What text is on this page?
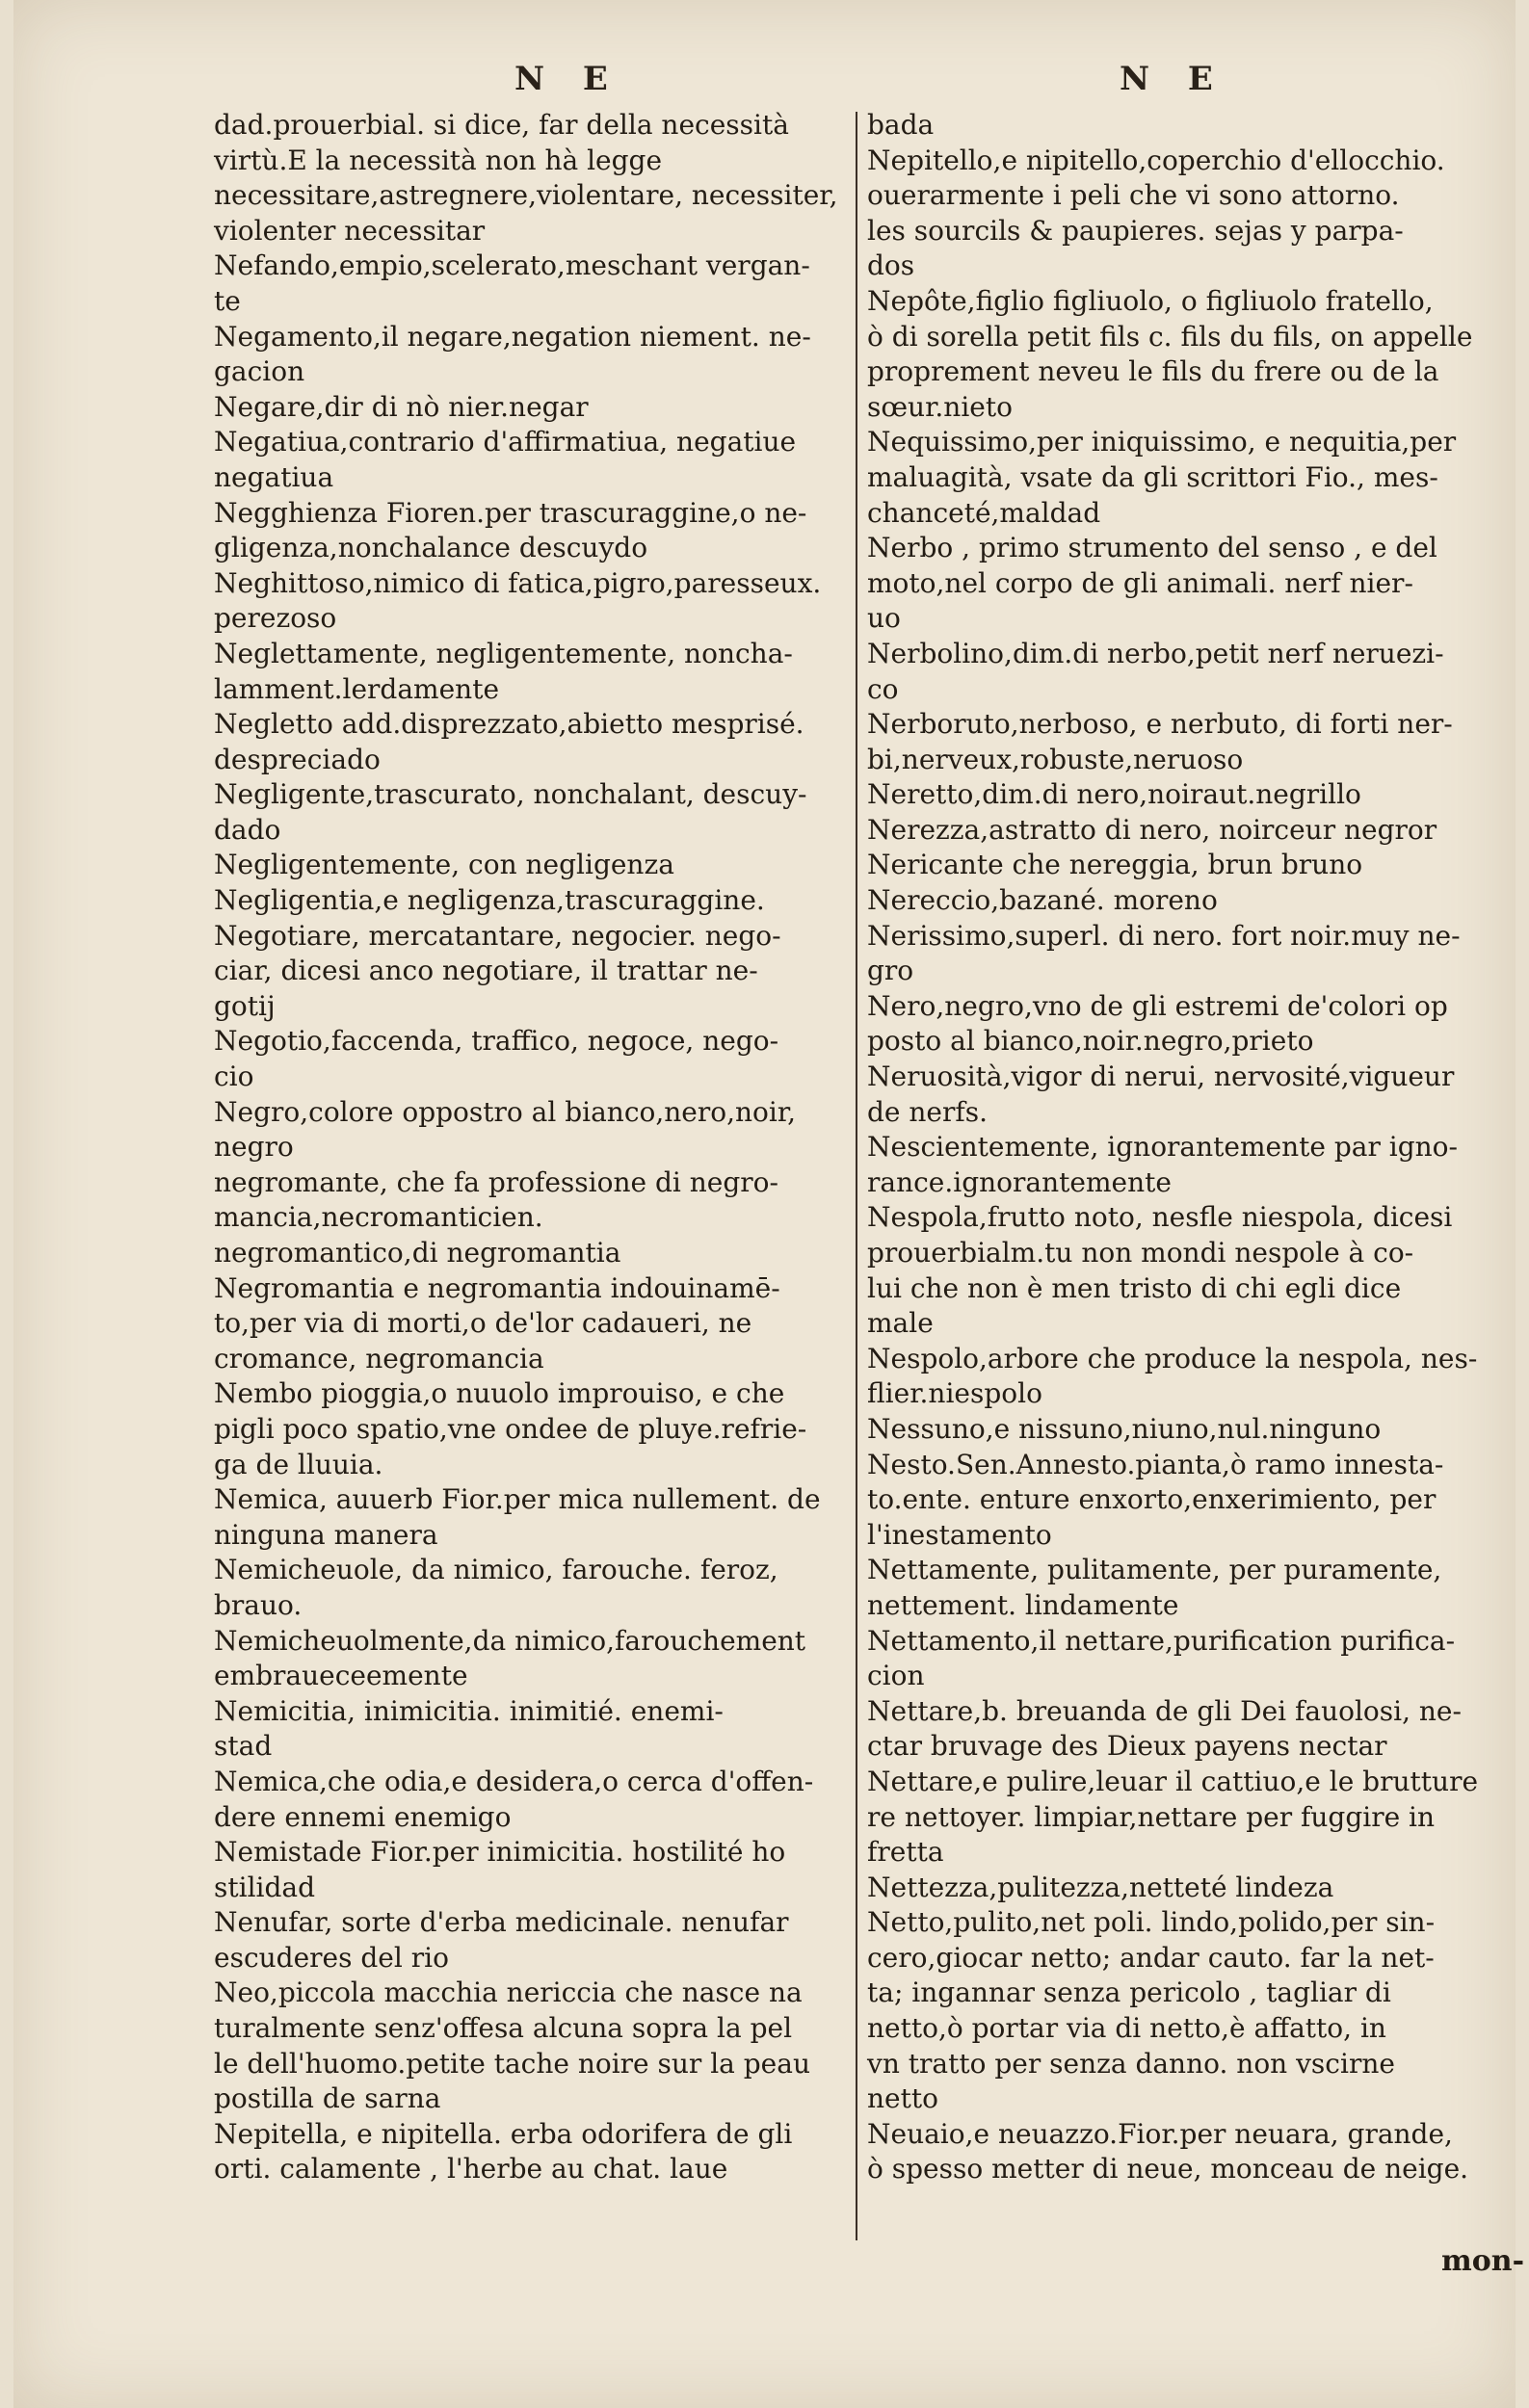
N E	N E

dad.prouerbial. si dice, far della necessità

virtù.E la necessità non hà legge

necessitare,astregnere,violentare, necessiter,

violenter necessitar

Nefando,empio,scelerato,meschant vergan-

te

Negamento,il negare,negation niement. ne-

gacion

Negare,dir di nò nier.negar

Negatiua,contrario d'affirmatiua, negatiue

negatiua

Negghienza Fioren.per trascuraggine,o ne-

gligenza,nonchalance descuydo

Neghittoso,nimico di fatica,pigro,paresseux.

perezoso

Neglettamente, negligentemente, noncha-

lamment.lerdamente

Negletto add.disprezzato,abietto mesprisé.

despreciado

Negligente,trascurato, nonchalant, descuy-

dado

Negligentemente, con negligenza

Negligentia,e negligenza,trascuraggine.

Negotiare, mercatantare, negocier. nego-

ciar, dicesi anco negotiare, il trattar ne-

gotij

Negotio,faccenda, traffico, negoce, nego-

cio

Negro,colore oppostro al bianco,nero,noir,

negro

negromante, che fa professione di negro-

mancia,necromanticien.

negromantico,di negromantia

Negromantia e negromantia indouinamē-

to,per via di morti,o de'lor cadaueri, ne

cromance, negromancia

Nembo pioggia,o nuuolo improuiso, e che

pigli poco spatio,vne ondee de pluye.refrie-

ga de lluuia.

Nemica, auuerb Fior.per mica nullement. de

ninguna manera

Nemicheuole, da nimico, farouche. feroz,

brauo.

Nemicheuolmente,da nimico,farouchement

embraueceemente

Nemicitia, inimicitia. inimitié. enemi-

stad

Nemica,che odia,e desidera,o cerca d'offen-

dere ennemi enemigo

Nemistade Fior.per inimicitia. hostilité ho

stilidad

Nenufar, sorte d'erba medicinale. nenufar

escuderes del rio

Neo,piccola macchia nericcia che nasce na

turalmente senz'offesa alcuna sopra la pel

le dell'huomo.petite tache noire sur la peau

postilla de sarna

Nepitella, e nipitella. erba odorifera de gli

orti. calamente , l'herbe au chat. laue

bada

Nepitello,e nipitello,coperchio d'ellocchio.

ouerarmente i peli che vi sono attorno.

les sourcils & paupieres. sejas y parpa-

dos

Nepôte,figlio figliuolo, o figliuolo fratello,

ò di sorella petit fils c. fils du fils, on appelle

proprement neveu le fils du frere ou de la

sœur.nieto

Nequissimo,per iniquissimo, e nequitia,per

maluagità, vsate da gli scrittori Fio., mes-

chanceté,maldad

Nerbo , primo strumento del senso , e del

moto,nel corpo de gli animali. nerf nier-

uo

Nerbolino,dim.di nerbo,petit nerf neruezi-

co

Nerboruto,nerboso, e nerbuto, di forti ner-

bi,nerveux,robuste,neruoso

Neretto,dim.di nero,noiraut.negrillo

Nerezza,astratto di nero, noirceur negror

Nericante che nereggia, brun bruno

Nereccio,bazané. moreno

Nerissimo,superl. di nero. fort noir.muy ne-

gro

Nero,negro,vno de gli estremi de'colori op

posto al bianco,noir.negro,prieto

Neruosità,vigor di nerui, nervosité,vigueur

de nerfs.

Nescientemente, ignorantemente par igno-

rance.ignorantemente

Nespola,frutto noto, nesfle niespola, dicesi

prouerbialm.tu non mondi nespole à co-

lui che non è men tristo di chi egli dice

male

Nespolo,arbore che produce la nespola, nes-

flier.niespolo

Nessuno,e nissuno,niuno,nul.ninguno

Nesto.Sen.Annesto.pianta,ò ramo innesta-

to.ente. enture enxorto,enxerimiento, per

l'inestamento

Nettamente, pulitamente, per puramente,

nettement. lindamente

Nettamento,il nettare,purification purifica-

cion

Nettare,b. breuanda de gli Dei fauolosi, ne-

ctar bruvage des Dieux payens nectar

Nettare,e pulire,leuar il cattiuo,e le brutture

re nettoyer. limpiar,nettare per fuggire in

fretta

Nettezza,pulitezza,netteté lindeza

Netto,pulito,net poli. lindo,polido,per sin-

cero,giocar netto; andar cauto. far la net-

ta; ingannar senza pericolo , tagliar di

netto,ò portar via di netto,è affatto, in

vn tratto per senza danno. non vscirne

netto

Neuaio,e neuazzo.Fior.per neuara, grande,

ò spesso metter di neue, monceau de neige.

mon-
